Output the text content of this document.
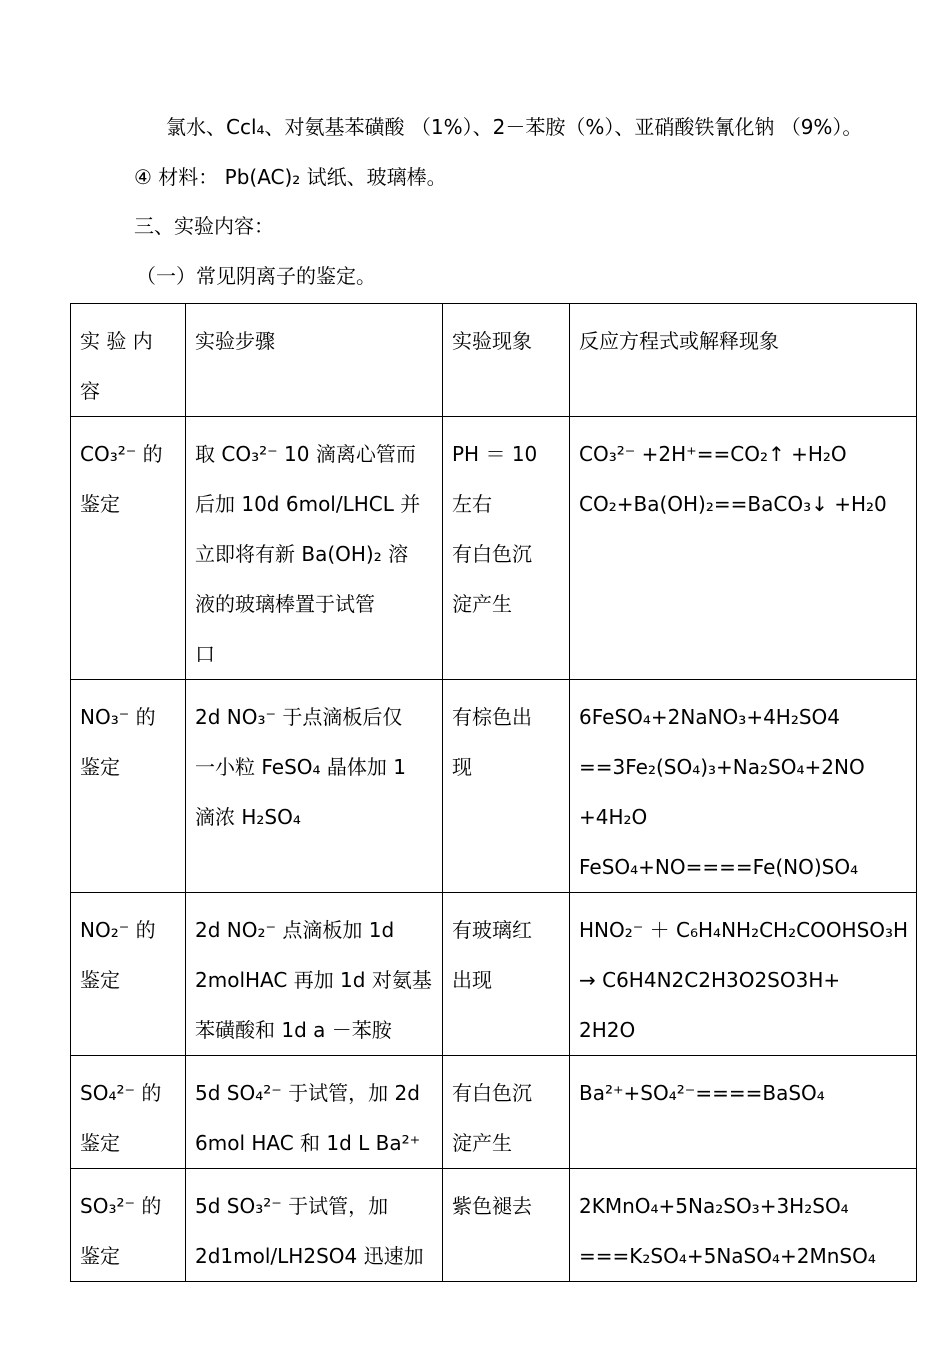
氯水、Ccl₄、对氨基苯磺酸 （1%）、2－苯胺（%）、亚硝酸铁氰化钠 （9%）。
④ 材料： Pb(AC)₂ 试纸、玻璃棒。
三、实验内容：
（一）常见阴离子的鉴定。
实 验 内
容	实验步骤	实验现象	反应方程式或解释现象

CO₃²⁻ 的
鉴定	取 CO₃²⁻ 10 滴离心管而
后加 10d 6mol/LHCL 并
立即将有新 Ba(OH)₂ 溶
液的玻璃棒置于试管
口	PH ＝ 10
左右
有白色沉
淀产生	CO₃²⁻ +2H⁺==CO₂↑ +H₂O
CO₂+Ba(OH)₂==BaCO₃↓ +H₂0

NO₃⁻ 的
鉴定	2d NO₃⁻ 于点滴板后仅
一小粒 FeSO₄ 晶体加 1
滴浓 H₂SO₄	有棕色出
现	6FeSO₄+2NaNO₃+4H₂SO4
==3Fe₂(SO₄)₃+Na₂SO₄+2NO
+4H₂O
FeSO₄+NO====Fe(NO)SO₄

NO₂⁻ 的
鉴定	2d NO₂⁻ 点滴板加 1d
2molHAC 再加 1d 对氨基
苯磺酸和 1d a －苯胺	有玻璃红
出现	HNO₂⁻ ＋ C₆H₄NH₂CH₂COOHSO₃H
→ C6H4N2C2H3O2SO3H+
2H2O

SO₄²⁻ 的
鉴定	5d SO₄²⁻ 于试管，加 2d
6mol HAC 和 1d L Ba²⁺	有白色沉
淀产生	Ba²⁺+SO₄²⁻====BaSO₄

SO₃²⁻ 的
鉴定	5d SO₃²⁻ 于试管，加
2d1mol/LH2SO4 迅速加	紫色褪去	2KMnO₄+5Na₂SO₃+3H₂SO₄
===K₂SO₄+5NaSO₄+2MnSO₄
